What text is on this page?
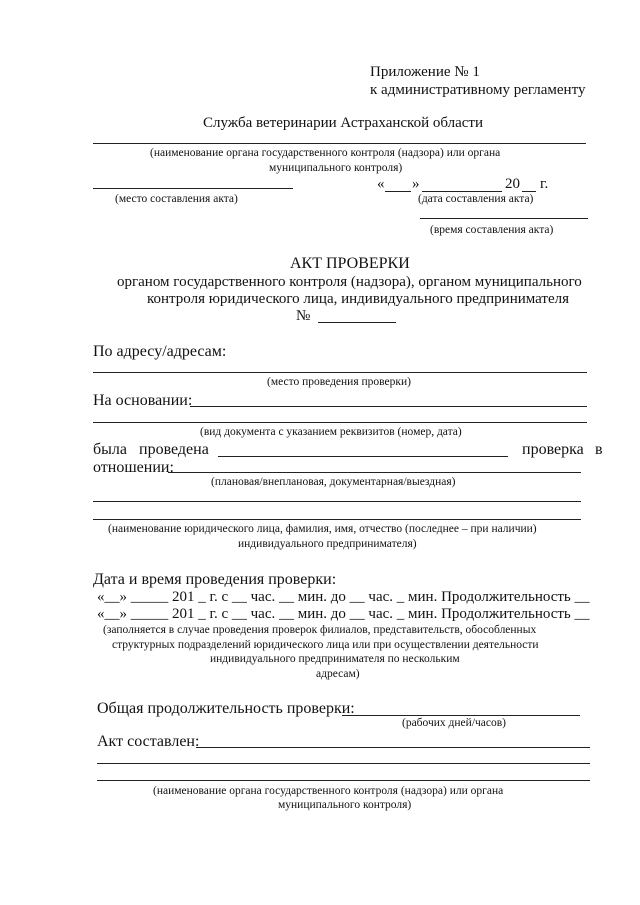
Приложение № 1
к административному регламенту
Служба ветеринарии Астраханской области
(наименование органа государственного контроля (надзора) или органа
муниципального контроля)
(место составления акта)
« »	20 г.
(дата составления акта)
(время составления акта)
АКТ ПРОВЕРКИ
органом государственного контроля (надзора), органом муниципального
контроля юридического лица, индивидуального предпринимателя
№
По адресу/адресам:
(место проведения проверки)
На основании:
(вид документа с указанием реквизитов (номер, дата)
была проведена	проверка в
отношении:
(плановая/внеплановая, документарная/выездная)
(наименование юридического лица, фамилия, имя, отчество (последнее – при наличии)
индивидуального предпринимателя)
Дата и время проведения проверки:
«__» _____ 201 _ г. с __ час. __ мин. до __ час. _ мин. Продолжительность __
«__» _____ 201 _ г. с __ час. __ мин. до __ час. _ мин. Продолжительность __
(заполняется в случае проведения проверок филиалов, представительств, обособленных
структурных подразделений юридического лица или при осуществлении деятельности
индивидуального предпринимателя по нескольким
адресам)
Общая продолжительность проверки:
(рабочих дней/часов)
Акт составлен:
(наименование органа государственного контроля (надзора) или органа
муниципального контроля)
